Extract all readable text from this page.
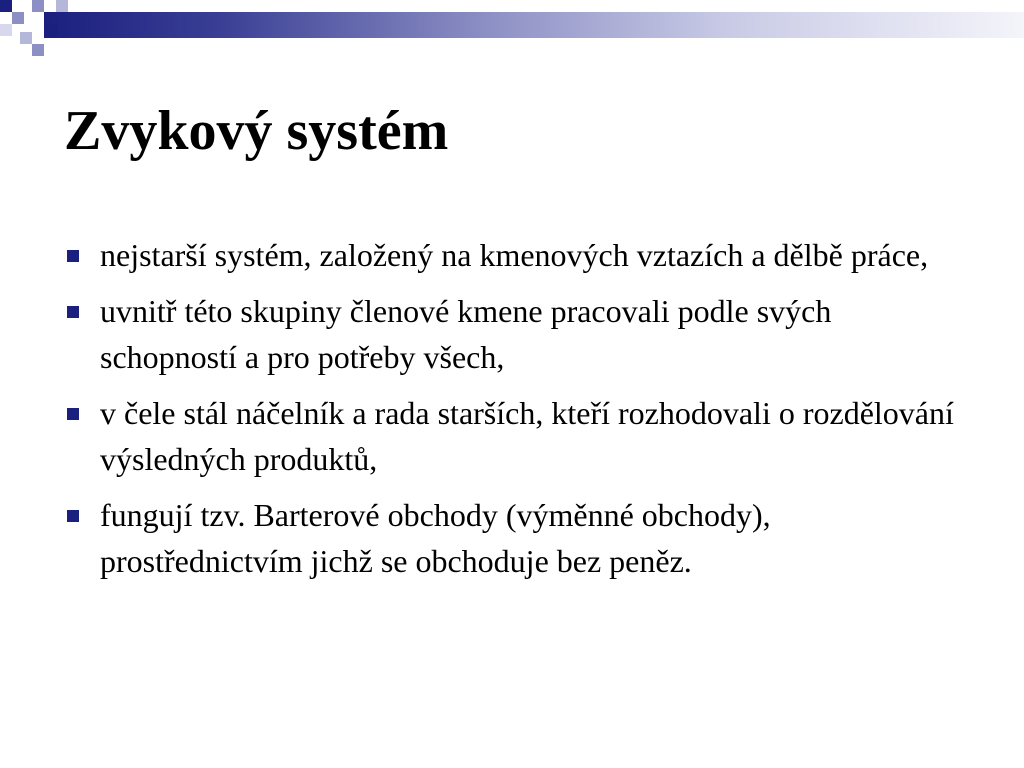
Zvykový systém
nejstarší systém, založený na kmenových vztazích a dělbě práce,
uvnitř této skupiny členové kmene pracovali podle svých schopností a pro potřeby všech,
v čele stál náčelník a rada starších, kteří rozhodovali o rozdělování výsledných produktů,
fungují tzv. Barterové obchody (výměnné obchody), prostřednictvím jichž se obchoduje bez peněz.
